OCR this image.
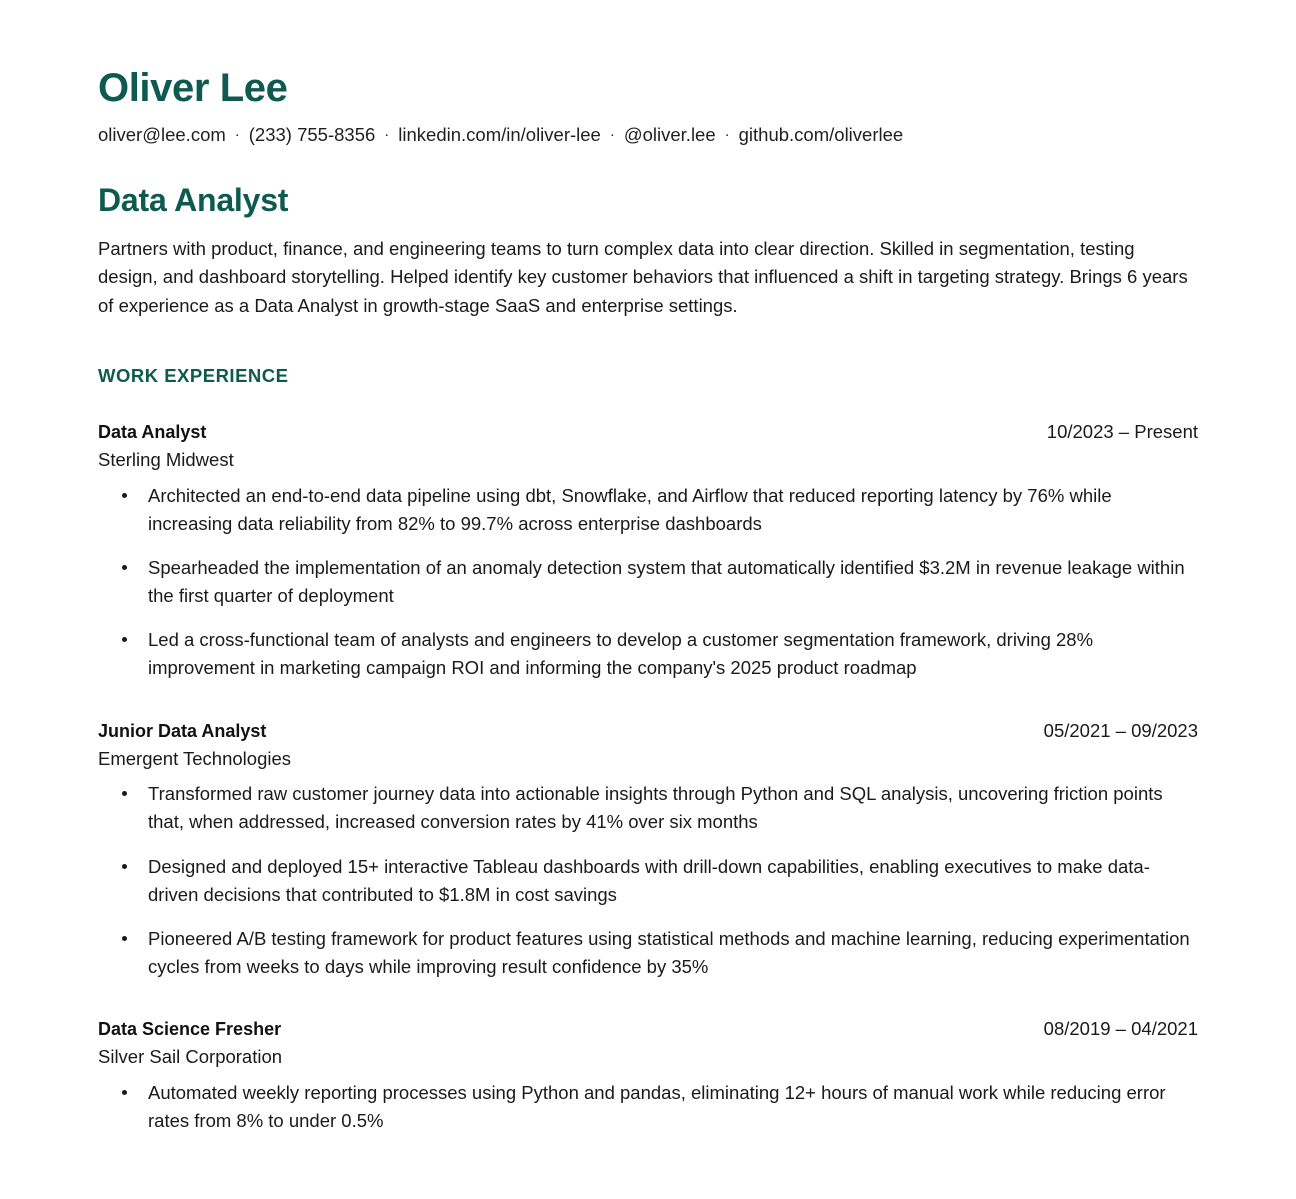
Oliver Lee
oliver@lee.com · (233) 755-8356 · linkedin.com/in/oliver-lee · @oliver.lee · github.com/oliverlee
Data Analyst

Partners with product, finance, and engineering teams to turn complex data into clear direction. Skilled in segmentation, testing design, and dashboard storytelling. Helped identify key customer behaviors that influenced a shift in targeting strategy. Brings 6 years of experience as a Data Analyst in growth-stage SaaS and enterprise settings.

WORK EXPERIENCE
Data Analyst	10/2023 – Present
Sterling Midwest
Architected an end-to-end data pipeline using dbt, Snowflake, and Airflow that reduced reporting latency by 76% while increasing data reliability from 82% to 99.7% across enterprise dashboards
Spearheaded the implementation of an anomaly detection system that automatically identified $3.2M in revenue leakage within the first quarter of deployment
Led a cross-functional team of analysts and engineers to develop a customer segmentation framework, driving 28% improvement in marketing campaign ROI and informing the company's 2025 product roadmap
Junior Data Analyst	05/2021 – 09/2023
Emergent Technologies
Transformed raw customer journey data into actionable insights through Python and SQL analysis, uncovering friction points that, when addressed, increased conversion rates by 41% over six months
Designed and deployed 15+ interactive Tableau dashboards with drill-down capabilities, enabling executives to make data-driven decisions that contributed to $1.8M in cost savings
Pioneered A/B testing framework for product features using statistical methods and machine learning, reducing experimentation cycles from weeks to days while improving result confidence by 35%
Data Science Fresher	08/2019 – 04/2021
Silver Sail Corporation
Automated weekly reporting processes using Python and pandas, eliminating 12+ hours of manual work while reducing error rates from 8% to under 0.5%
